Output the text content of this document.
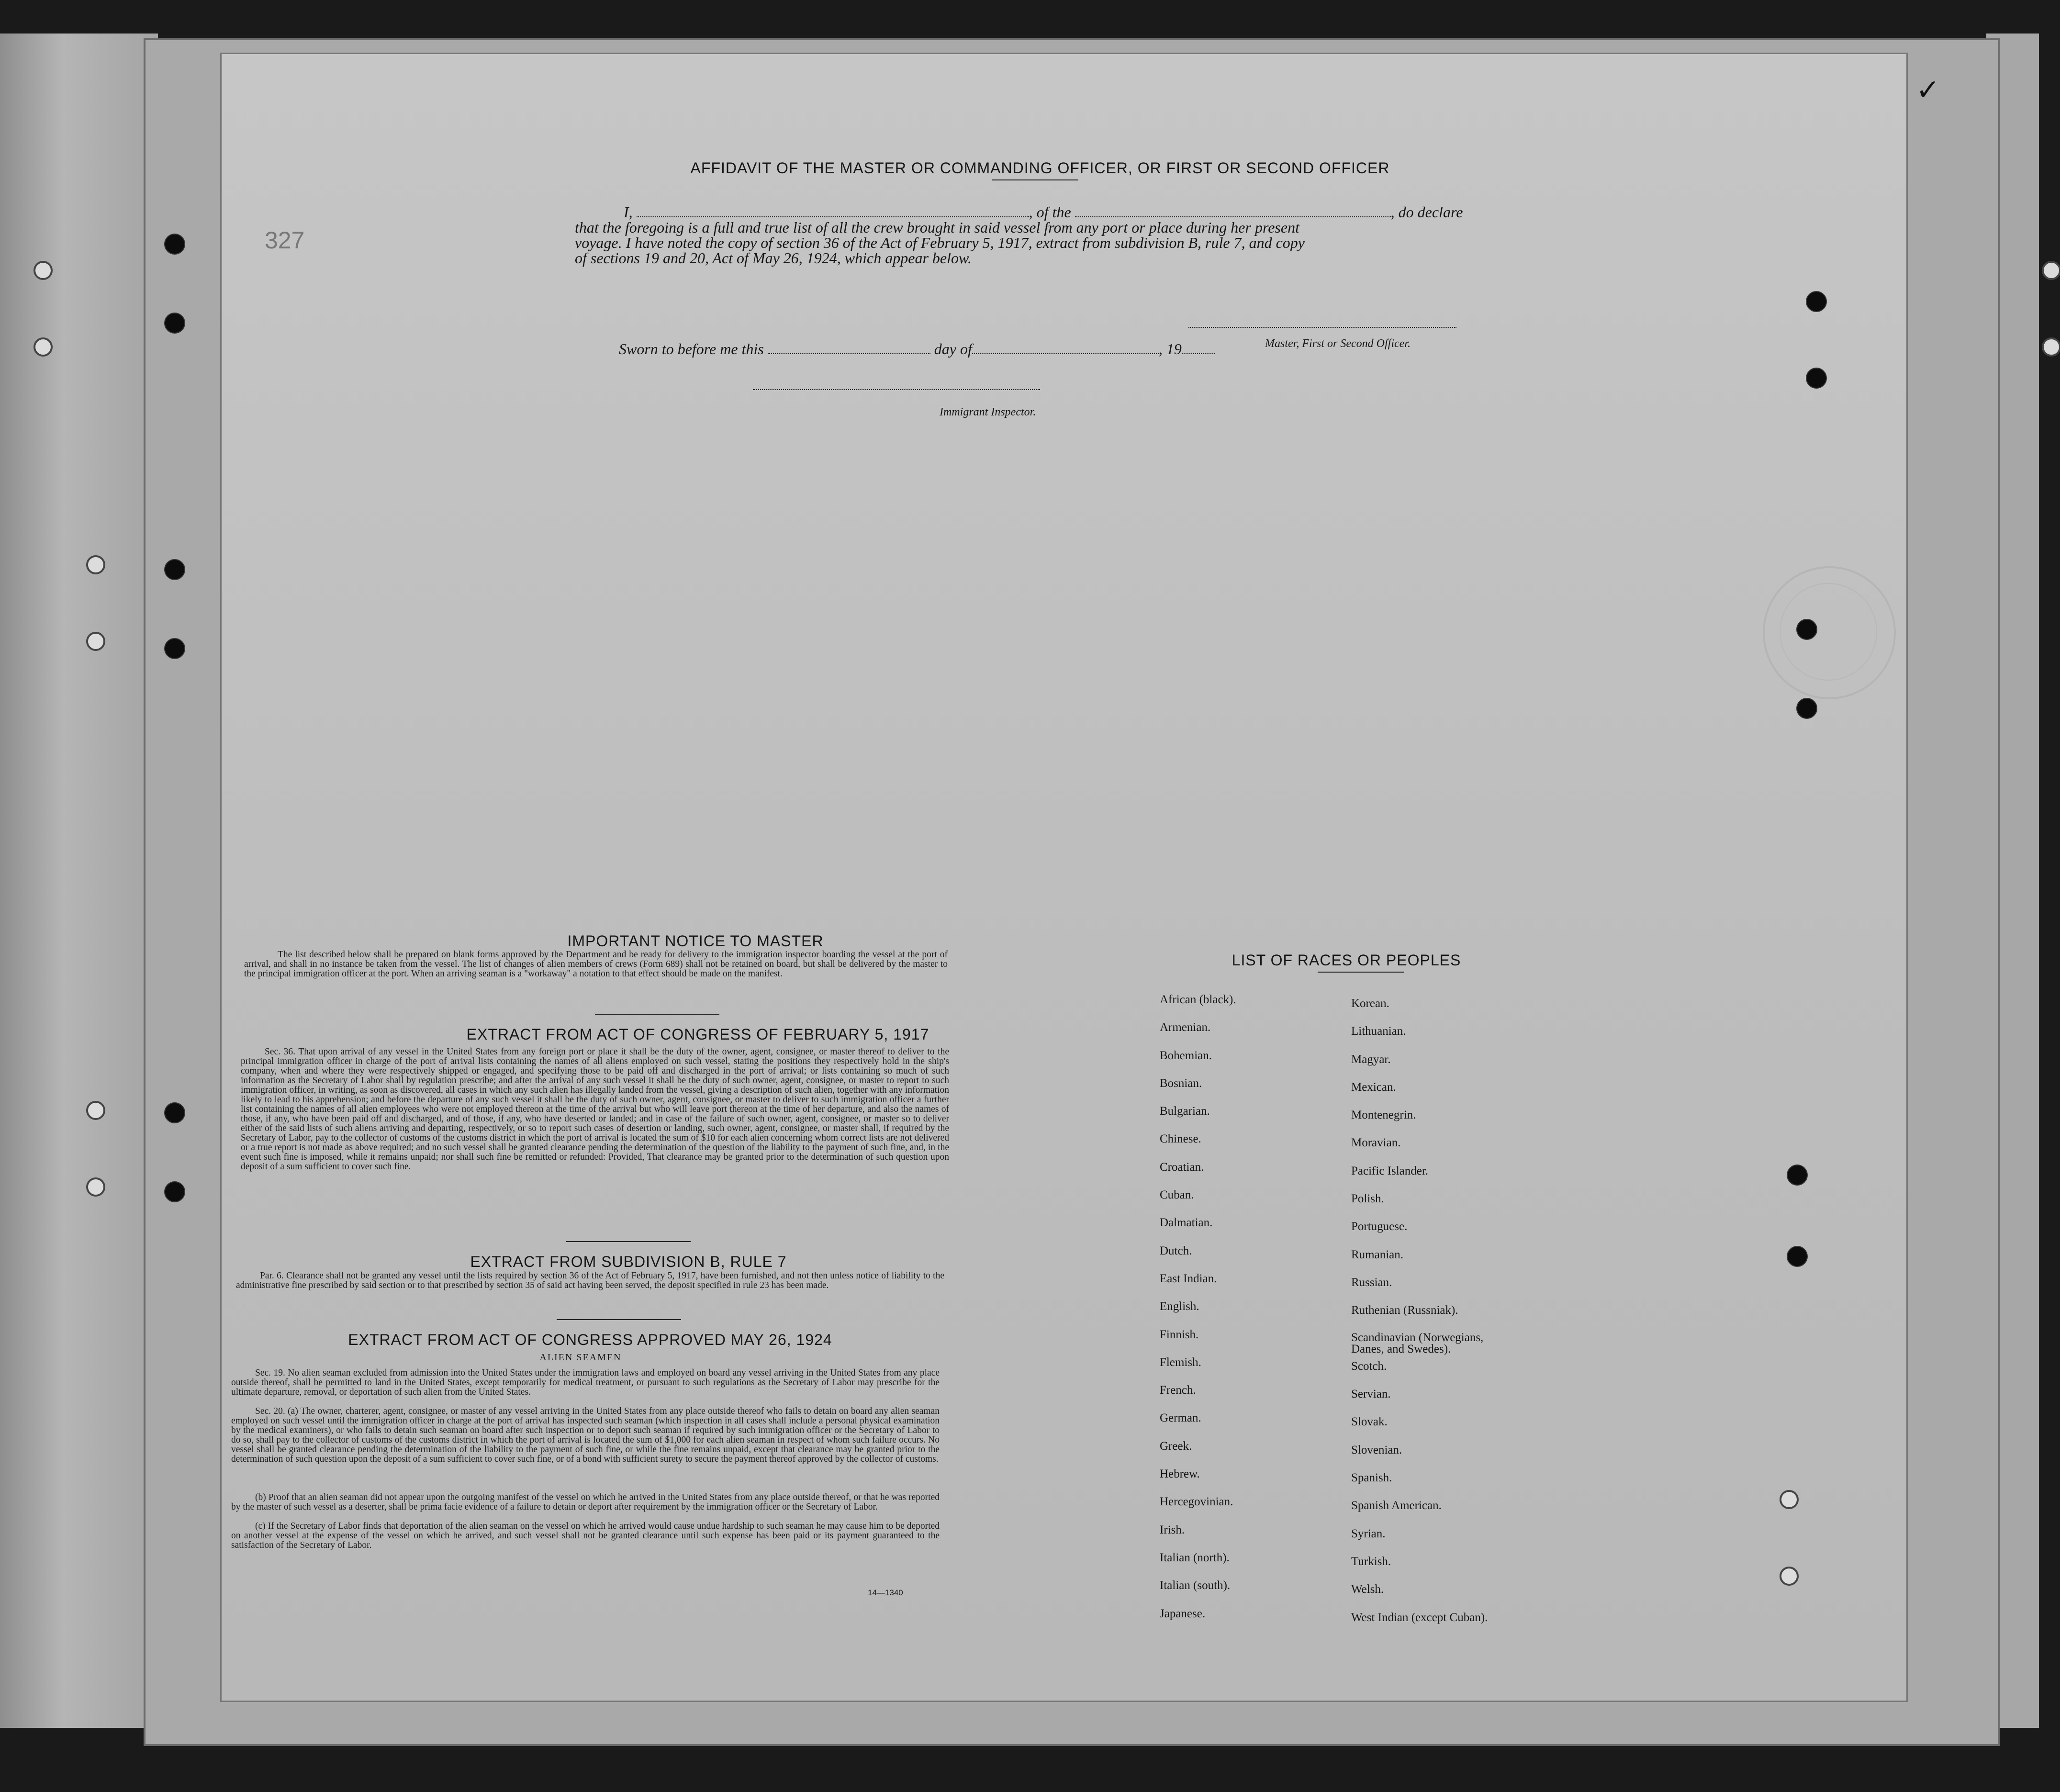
327
✓
AFFIDAVIT OF THE MASTER OR COMMANDING OFFICER, OR FIRST OR SECOND OFFICER
I,	, of the	, do declare
that the foregoing is a full and true list of all the crew brought in said vessel from any port or place during her present
voyage. I have noted the copy of section 36 of the Act of February 5, 1917, extract from subdivision B, rule 7, and copy
of sections 19 and 20, Act of May 26, 1924, which appear below.
Master, First or Second Officer.
Sworn to before me this	day of	, 19
Immigrant Inspector.
IMPORTANT NOTICE TO MASTER
The list described below shall be prepared on blank forms approved by the Department and be ready for delivery to the immigration inspector boarding the vessel at the port of arrival, and shall in no instance be taken from the vessel. The list of changes of alien members of crews (Form 689) shall not be retained on board, but shall be delivered by the master to the principal immigration officer at the port. When an arriving seaman is a "workaway" a notation to that effect should be made on the manifest.
EXTRACT FROM ACT OF CONGRESS OF FEBRUARY 5, 1917
Sec. 36. That upon arrival of any vessel in the United States from any foreign port or place it shall be the duty of the owner, agent, consignee, or master thereof to deliver to the principal immigration officer in charge of the port of arrival lists containing the names of all aliens employed on such vessel, stating the positions they respectively hold in the ship's company, when and where they were respectively shipped or engaged, and specifying those to be paid off and discharged in the port of arrival; or lists containing so much of such information as the Secretary of Labor shall by regulation prescribe; and after the arrival of any such vessel it shall be the duty of such owner, agent, consignee, or master to report to such immigration officer, in writing, as soon as discovered, all cases in which any such alien has illegally landed from the vessel, giving a description of such alien, together with any information likely to lead to his apprehension; and before the departure of any such vessel it shall be the duty of such owner, agent, consignee, or master to deliver to such immigration officer a further list containing the names of all alien employees who were not employed thereon at the time of the arrival but who will leave port thereon at the time of her departure, and also the names of those, if any, who have been paid off and discharged, and of those, if any, who have deserted or landed; and in case of the failure of such owner, agent, consignee, or master so to deliver either of the said lists of such aliens arriving and departing, respectively, or so to report such cases of desertion or landing, such owner, agent, consignee, or master shall, if required by the Secretary of Labor, pay to the collector of customs of the customs district in which the port of arrival is located the sum of $10 for each alien concerning whom correct lists are not delivered or a true report is not made as above required; and no such vessel shall be granted clearance pending the determination of the question of the liability to the payment of such fine, and, in the event such fine is imposed, while it remains unpaid; nor shall such fine be remitted or refunded: Provided, That clearance may be granted prior to the determination of such question upon deposit of a sum sufficient to cover such fine.
EXTRACT FROM SUBDIVISION B, RULE 7
Par. 6. Clearance shall not be granted any vessel until the lists required by section 36 of the Act of February 5, 1917, have been furnished, and not then unless notice of liability to the administrative fine prescribed by said section or to that prescribed by section 35 of said act having been served, the deposit specified in rule 23 has been made.
EXTRACT FROM ACT OF CONGRESS APPROVED MAY 26, 1924
ALIEN SEAMEN
Sec. 19. No alien seaman excluded from admission into the United States under the immigration laws and employed on board any vessel arriving in the United States from any place outside thereof, shall be permitted to land in the United States, except temporarily for medical treatment, or pursuant to such regulations as the Secretary of Labor may prescribe for the ultimate departure, removal, or deportation of such alien from the United States.
Sec. 20. (a) The owner, charterer, agent, consignee, or master of any vessel arriving in the United States from any place outside thereof who fails to detain on board any alien seaman employed on such vessel until the immigration officer in charge at the port of arrival has inspected such seaman (which inspection in all cases shall include a personal physical examination by the medical examiners), or who fails to detain such seaman on board after such inspection or to deport such seaman if required by such immigration officer or the Secretary of Labor to do so, shall pay to the collector of customs of the customs district in which the port of arrival is located the sum of $1,000 for each alien seaman in respect of whom such failure occurs. No vessel shall be granted clearance pending the determination of the liability to the payment of such fine, or while the fine remains unpaid, except that clearance may be granted prior to the determination of such question upon the deposit of a sum sufficient to cover such fine, or of a bond with sufficient surety to secure the payment thereof approved by the collector of customs.
(b) Proof that an alien seaman did not appear upon the outgoing manifest of the vessel on which he arrived in the United States from any place outside thereof, or that he was reported by the master of such vessel as a deserter, shall be prima facie evidence of a failure to detain or deport after requirement by the immigration officer or the Secretary of Labor.
(c) If the Secretary of Labor finds that deportation of the alien seaman on the vessel on which he arrived would cause undue hardship to such seaman he may cause him to be deported on another vessel at the expense of the vessel on which he arrived, and such vessel shall not be granted clearance until such expense has been paid or its payment guaranteed to the satisfaction of the Secretary of Labor.
14—1340
LIST OF RACES OR PEOPLES
African (black).
Armenian.
Bohemian.
Bosnian.
Bulgarian.
Chinese.
Croatian.
Cuban.
Dalmatian.
Dutch.
East Indian.
English.
Finnish.
Flemish.
French.
German.
Greek.
Hebrew.
Hercegovinian.
Irish.
Italian (north).
Italian (south).
Japanese.
Korean.
Lithuanian.
Magyar.
Mexican.
Montenegrin.
Moravian.
Pacific Islander.
Polish.
Portuguese.
Rumanian.
Russian.
Ruthenian (Russniak).
Scandinavian (Norwegians, Danes, and Swedes).
Scotch.
Servian.
Slovak.
Slovenian.
Spanish.
Spanish American.
Syrian.
Turkish.
Welsh.
West Indian (except Cuban).
